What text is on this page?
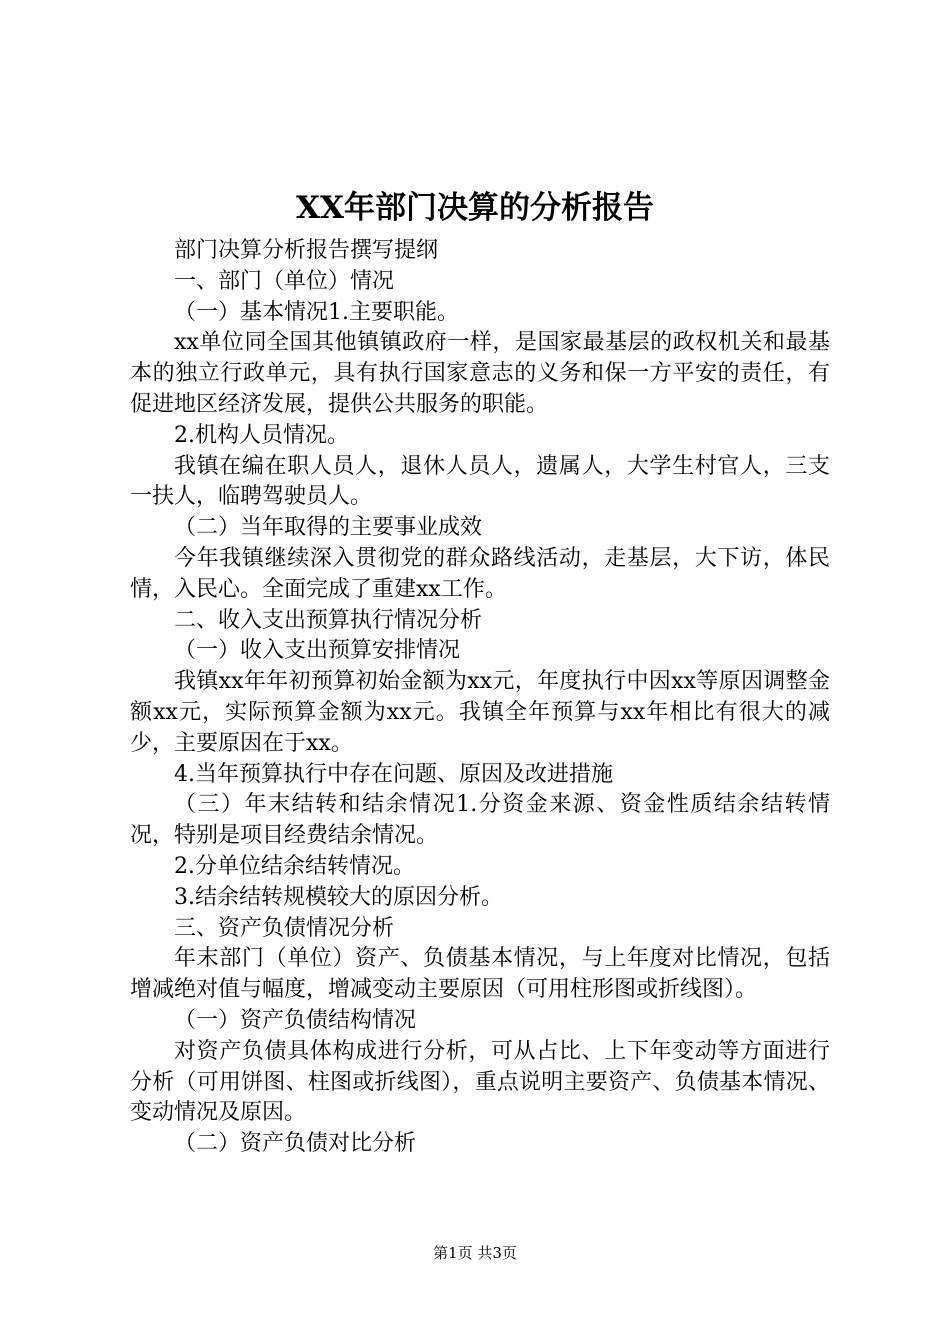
XX年部门决算的分析报告

部门决算分析报告撰写提纲

一、部门（单位）情况

（一）基本情况1.主要职能。

xx单位同全国其他镇镇政府一样，是国家最基层的政权机关和最基本的独立行政单元，具有执行国家意志的义务和保一方平安的责任，有促进地区经济发展，提供公共服务的职能。

2.机构人员情况。

我镇在编在职人员人，退休人员人，遗属人，大学生村官人，三支一扶人，临聘驾驶员人。

（二）当年取得的主要事业成效

今年我镇继续深入贯彻党的群众路线活动，走基层，大下访，体民情，入民心。全面完成了重建xx工作。

二、收入支出预算执行情况分析

（一）收入支出预算安排情况

我镇xx年年初预算初始金额为xx元，年度执行中因xx等原因调整金额xx元，实际预算金额为xx元。我镇全年预算与xx年相比有很大的减少，主要原因在于xx。

4.当年预算执行中存在问题、原因及改进措施

（三）年末结转和结余情况1.分资金来源、资金性质结余结转情况，特别是项目经费结余情况。

2.分单位结余结转情况。

3.结余结转规模较大的原因分析。

三、资产负债情况分析

年末部门（单位）资产、负债基本情况，与上年度对比情况，包括增减绝对值与幅度，增减变动主要原因（可用柱形图或折线图）。

（一）资产负债结构情况

对资产负债具体构成进行分析，可从占比、上下年变动等方面进行分析（可用饼图、柱图或折线图），重点说明主要资产、负债基本情况、变动情况及原因。

（二）资产负债对比分析

第1页 共3页
